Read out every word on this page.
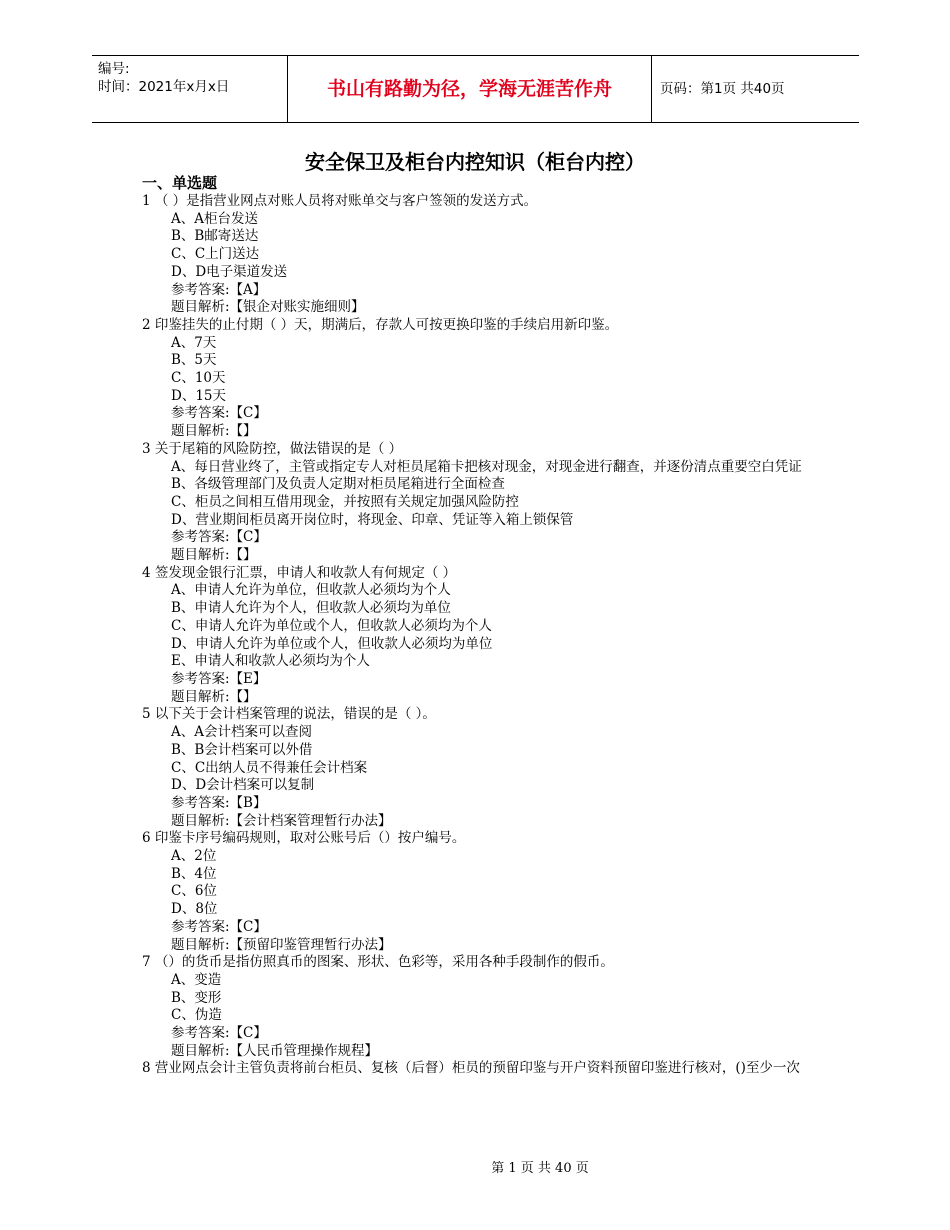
编号:
时间：2021年x月x日	书山有路勤为径，学海无涯苦作舟	页码：第1页 共40页
安全保卫及柜台内控知识（柜台内控）
一、单选题
1 （ ）是指营业网点对账人员将对账单交与客户签领的发送方式。
A、A柜台发送
B、B邮寄送达
C、C上门送达
D、D电子渠道发送
参考答案:【A】
题目解析:【银企对账实施细则】
2 印鉴挂失的止付期（ ）天，期满后，存款人可按更换印鉴的手续启用新印鉴。
A、7天
B、5天
C、10天
D、15天
参考答案:【C】
题目解析:【】
3 关于尾箱的风险防控，做法错误的是（ ）
A、每日营业终了，主管或指定专人对柜员尾箱卡把核对现金，对现金进行翻查，并逐份清点重要空白凭证
B、各级管理部门及负责人定期对柜员尾箱进行全面检查
C、柜员之间相互借用现金，并按照有关规定加强风险防控
D、营业期间柜员离开岗位时，将现金、印章、凭证等入箱上锁保管
参考答案:【C】
题目解析:【】
4 签发现金银行汇票，申请人和收款人有何规定（ ）
A、申请人允许为单位，但收款人必须均为个人
B、申请人允许为个人，但收款人必须均为单位
C、申请人允许为单位或个人，但收款人必须均为个人
D、申请人允许为单位或个人，但收款人必须均为单位
E、申请人和收款人必须均为个人
参考答案:【E】
题目解析:【】
5 以下关于会计档案管理的说法，错误的是（ ）。
A、A会计档案可以查阅
B、B会计档案可以外借
C、C出纳人员不得兼任会计档案
D、D会计档案可以复制
参考答案:【B】
题目解析:【会计档案管理暂行办法】
6 印鉴卡序号编码规则，取对公账号后（）按户编号。
A、2位
B、4位
C、6位
D、8位
参考答案:【C】
题目解析:【预留印鉴管理暂行办法】
7 （）的货币是指仿照真币的图案、形状、色彩等，采用各种手段制作的假币。
A、变造
B、变形
C、伪造
参考答案:【C】
题目解析:【人民币管理操作规程】
8 营业网点会计主管负责将前台柜员、复核（后督）柜员的预留印鉴与开户资料预留印鉴进行核对，()至少一次
第 1 页 共 40 页
